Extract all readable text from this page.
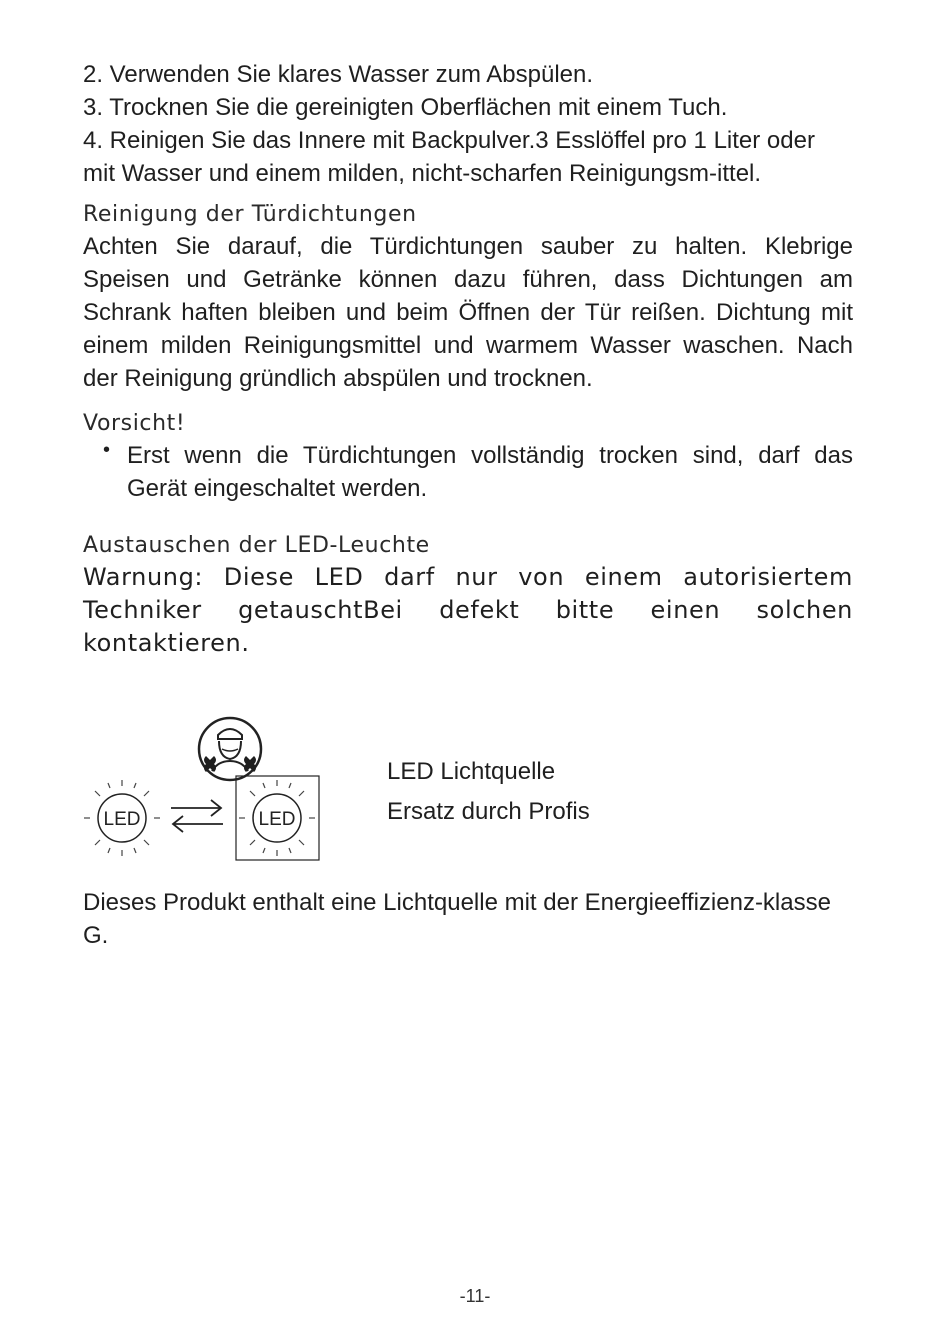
2. Verwenden Sie klares Wasser zum Abspülen.

3. Trocknen Sie die gereinigten Oberflächen mit einem Tuch.

4. Reinigen Sie das Innere mit Backpulver.3 Esslöffel pro 1 Liter oder mit Wasser und einem milden, nicht-scharfen Reinigungsm-ittel.

Reinigung der Türdichtungen

Achten Sie darauf, die Türdichtungen sauber zu halten. Klebrige Speisen und Getränke können dazu führen, dass Dichtungen am Schrank haften bleiben und beim Öffnen der Tür reißen. Dichtung mit einem milden Reinigungsmittel und warmem Wasser waschen. Nach der Reinigung gründlich abspülen und trocknen.

Vorsicht!

• Erst wenn die Türdichtungen vollständig trocken sind, darf das Gerät eingeschaltet werden.

Austauschen der LED-Leuchte

Warnung: Diese LED darf nur von einem autorisiertem Techniker getauschtBei defekt bitte einen solchen kontaktieren.

LED	LED

LED Lichtquelle

Ersatz durch Profis

Dieses Produkt enthalt eine Lichtquelle mit der Energieeffizienz-klasse G.

-11-
